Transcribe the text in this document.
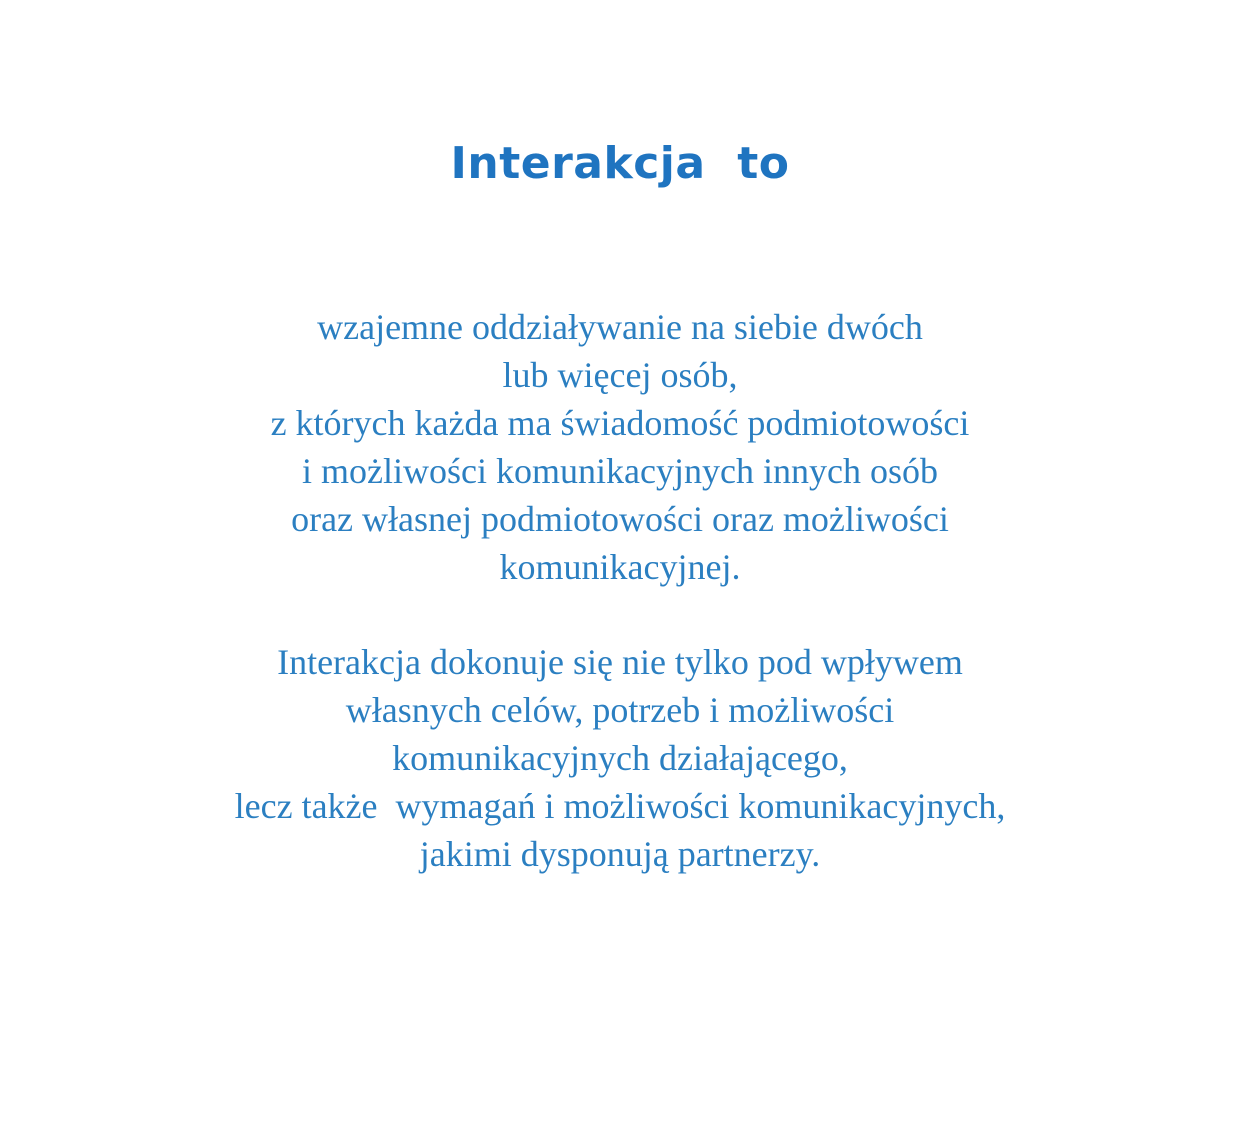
Interakcja  to
wzajemne oddziaływanie na siebie dwóch
lub więcej osób,
z których każda ma świadomość podmiotowości
i możliwości komunikacyjnych innych osób
oraz własnej podmiotowości oraz możliwości
komunikacyjnej.
Interakcja dokonuje się nie tylko pod wpływem
własnych celów, potrzeb i możliwości
komunikacyjnych działającego,
lecz także  wymagań i możliwości komunikacyjnych,
jakimi dysponują partnerzy.
